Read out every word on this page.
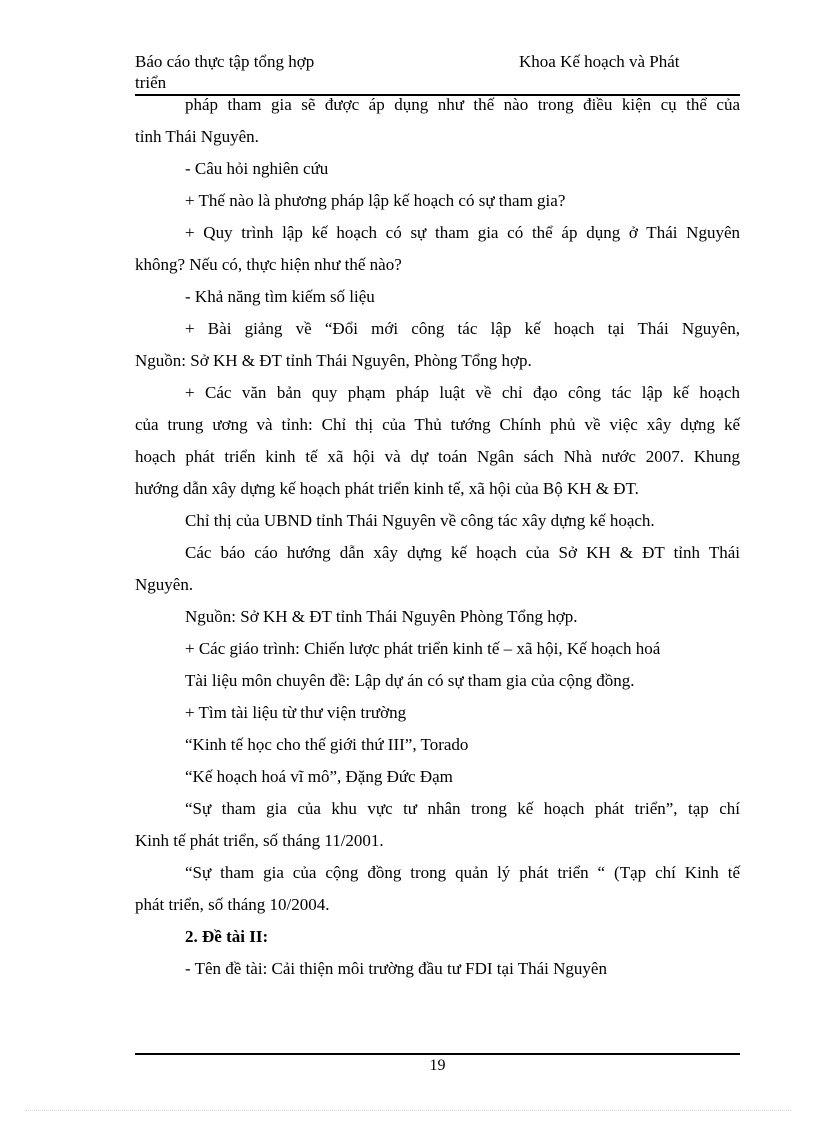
Báo cáo thực tập tổng hợp	Khoa Kế hoạch và Phát
triển
pháp tham gia sẽ được áp dụng như thế nào trong điều kiện cụ thể của
tỉnh Thái Nguyên.
- Câu hỏi nghiên cứu
+ Thế nào là phương pháp lập kế hoạch có sự tham gia?
+ Quy trình lập kế hoạch có sự tham gia có thể áp dụng ở Thái Nguyên
không? Nếu có, thực hiện như thế nào?
- Khả năng tìm kiếm số liệu
+ Bài giảng về “Đổi mới công tác lập kế hoạch tại Thái Nguyên,
Nguồn: Sở KH & ĐT tỉnh Thái Nguyên, Phòng Tổng hợp.
+ Các văn bản quy phạm pháp luật về chỉ đạo công tác lập kế hoạch
của trung ương và tỉnh: Chỉ thị của Thủ tướng Chính phủ về việc xây dựng kế
hoạch phát triển kinh tế xã hội và dự toán Ngân sách Nhà nước 2007. Khung
hướng dẫn xây dựng kế hoạch phát triển kinh tế, xã hội của Bộ KH & ĐT.
Chỉ thị của UBND tỉnh Thái Nguyên về công tác xây dựng kế hoạch.
Các báo cáo hướng dẫn xây dựng kế hoạch của Sở KH & ĐT tỉnh Thái
Nguyên.
Nguồn: Sở KH & ĐT tỉnh Thái Nguyên Phòng Tổng hợp.
+ Các giáo trình: Chiến lược phát triển kinh tế – xã hội, Kế hoạch hoá
Tài liệu môn chuyên đề: Lập dự án có sự tham gia của cộng đồng.
+ Tìm tài liệu từ thư viện trường
“Kinh tế học cho thế giới thứ III”, Torado
“Kế hoạch hoá vĩ mô”, Đặng Đức Đạm
“Sự tham gia của khu vực tư nhân trong kế hoạch phát triển”, tạp chí
Kinh tế phát triển, số tháng 11/2001.
“Sự tham gia của cộng đồng trong quản lý phát triển “ (Tạp chí Kinh tế
phát triển, số tháng 10/2004.
2. Đề tài II:
- Tên đề tài: Cải thiện môi trường đầu tư FDI tại Thái Nguyên
19
